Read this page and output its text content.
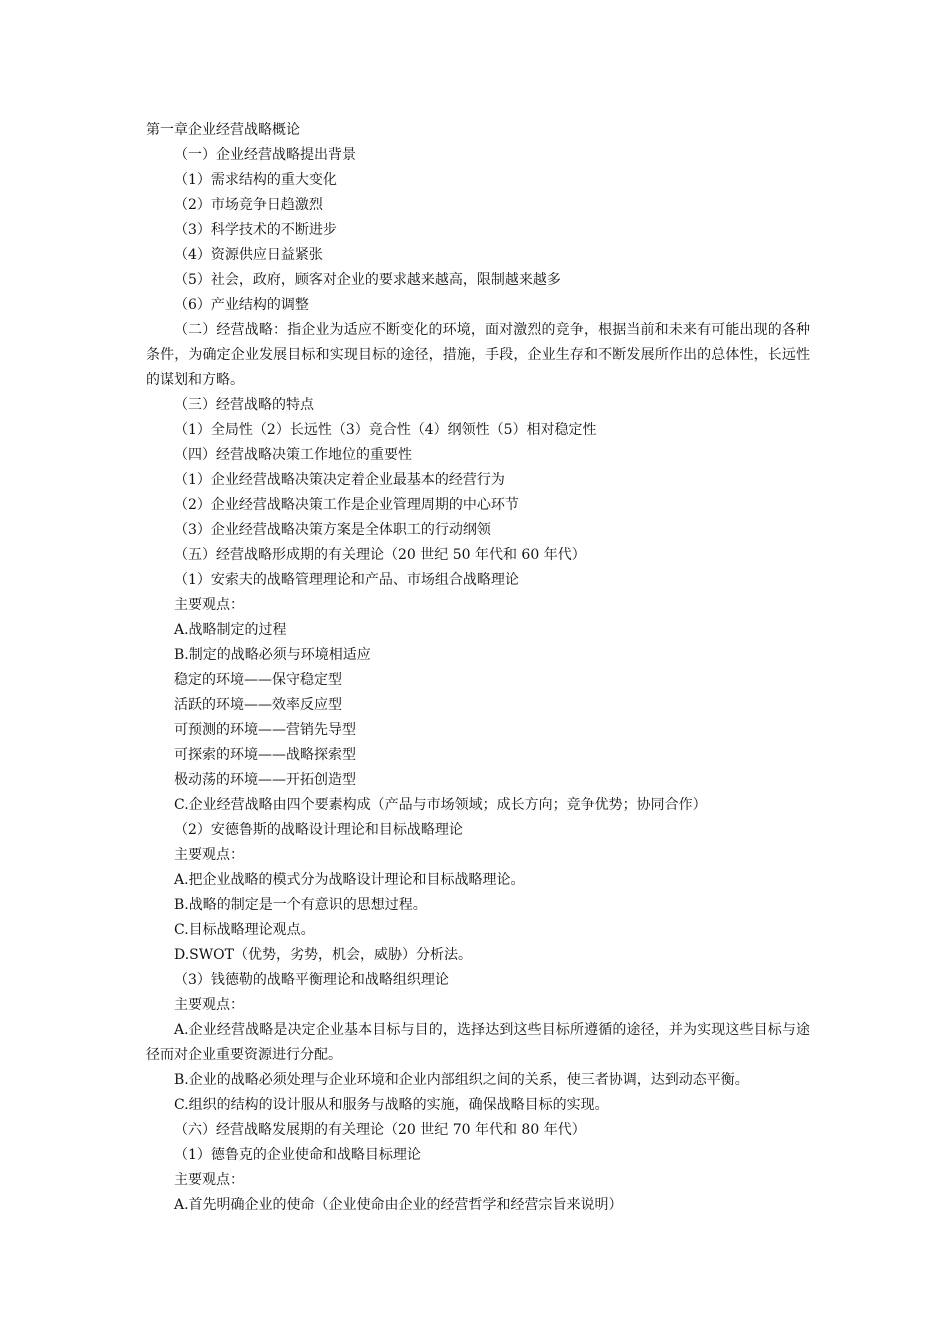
第一章企业经营战略概论
（一）企业经营战略提出背景
（1）需求结构的重大变化
（2）市场竞争日趋激烈
（3）科学技术的不断进步
（4）资源供应日益紧张
（5）社会，政府，顾客对企业的要求越来越高，限制越来越多
（6）产业结构的调整
（二）经营战略：指企业为适应不断变化的环境，面对激烈的竞争，根据当前和未来有可能出现的各种条件，为确定企业发展目标和实现目标的途径，措施，手段，企业生存和不断发展所作出的总体性，长远性的谋划和方略。
（三）经营战略的特点
（1）全局性（2）长远性（3）竞合性（4）纲领性（5）相对稳定性
（四）经营战略决策工作地位的重要性
（1）企业经营战略决策决定着企业最基本的经营行为
（2）企业经营战略决策工作是企业管理周期的中心环节
（3）企业经营战略决策方案是全体职工的行动纲领
（五）经营战略形成期的有关理论（20 世纪 50 年代和 60 年代）
（1）安索夫的战略管理理论和产品、市场组合战略理论
主要观点：
A.战略制定的过程
B.制定的战略必须与环境相适应
稳定的环境——保守稳定型
活跃的环境——效率反应型
可预测的环境——营销先导型
可探索的环境——战略探索型
极动荡的环境——开拓创造型
C.企业经营战略由四个要素构成（产品与市场领域；成长方向；竞争优势；协同合作）
（2）安德鲁斯的战略设计理论和目标战略理论
主要观点：
A.把企业战略的模式分为战略设计理论和目标战略理论。
B.战略的制定是一个有意识的思想过程。
C.目标战略理论观点。
D.SWOT（优势，劣势，机会，威胁）分析法。
（3）钱德勒的战略平衡理论和战略组织理论
主要观点：
A.企业经营战略是决定企业基本目标与目的，选择达到这些目标所遵循的途径，并为实现这些目标与途径而对企业重要资源进行分配。
B.企业的战略必须处理与企业环境和企业内部组织之间的关系，使三者协调，达到动态平衡。
C.组织的结构的设计服从和服务与战略的实施，确保战略目标的实现。
（六）经营战略发展期的有关理论（20 世纪 70 年代和 80 年代）
（1）德鲁克的企业使命和战略目标理论
主要观点：
A.首先明确企业的使命（企业使命由企业的经营哲学和经营宗旨来说明）
